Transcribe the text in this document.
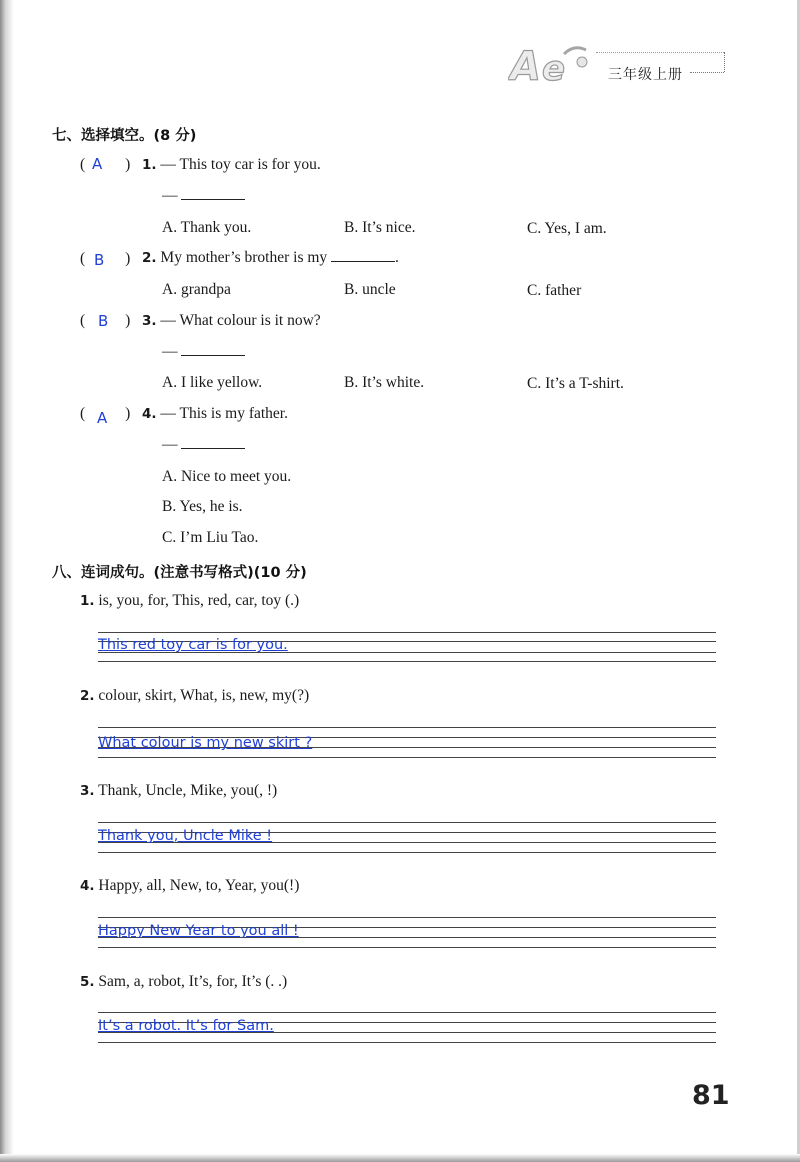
A e	三年级上册
七、选择填空。(8 分)
(	)
A	1. — This toy car is for you.
—
A. Thank you.	B. It’s nice.	C. Yes, I am.
(	)
B	2. My mother’s brother is my	.
A. grandpa	B. uncle	C. father
(	)
B 3. — What colour is it now?
—
A. I like yellow.	B. It’s white.	C. It’s a T-shirt.
(	)
A	4. — This is my father.
—
A. Nice to meet you.
B. Yes, he is.
C. I’m Liu Tao.
八、连词成句。(注意书写格式)(10 分)
1. is, you, for, This, red, car, toy (.)
This red toy car is for you.
2. colour, skirt, What, is, new, my(?)
What colour is my new skirt ?
3. Thank, Uncle, Mike, you(, !)
Thank you, Uncle Mike !
4. Happy, all, New, to, Year, you(!)
Happy New Year to you all !
5. Sam, a, robot, It’s, for, It’s (. .)
It’s a robot. It’s for Sam.
81
